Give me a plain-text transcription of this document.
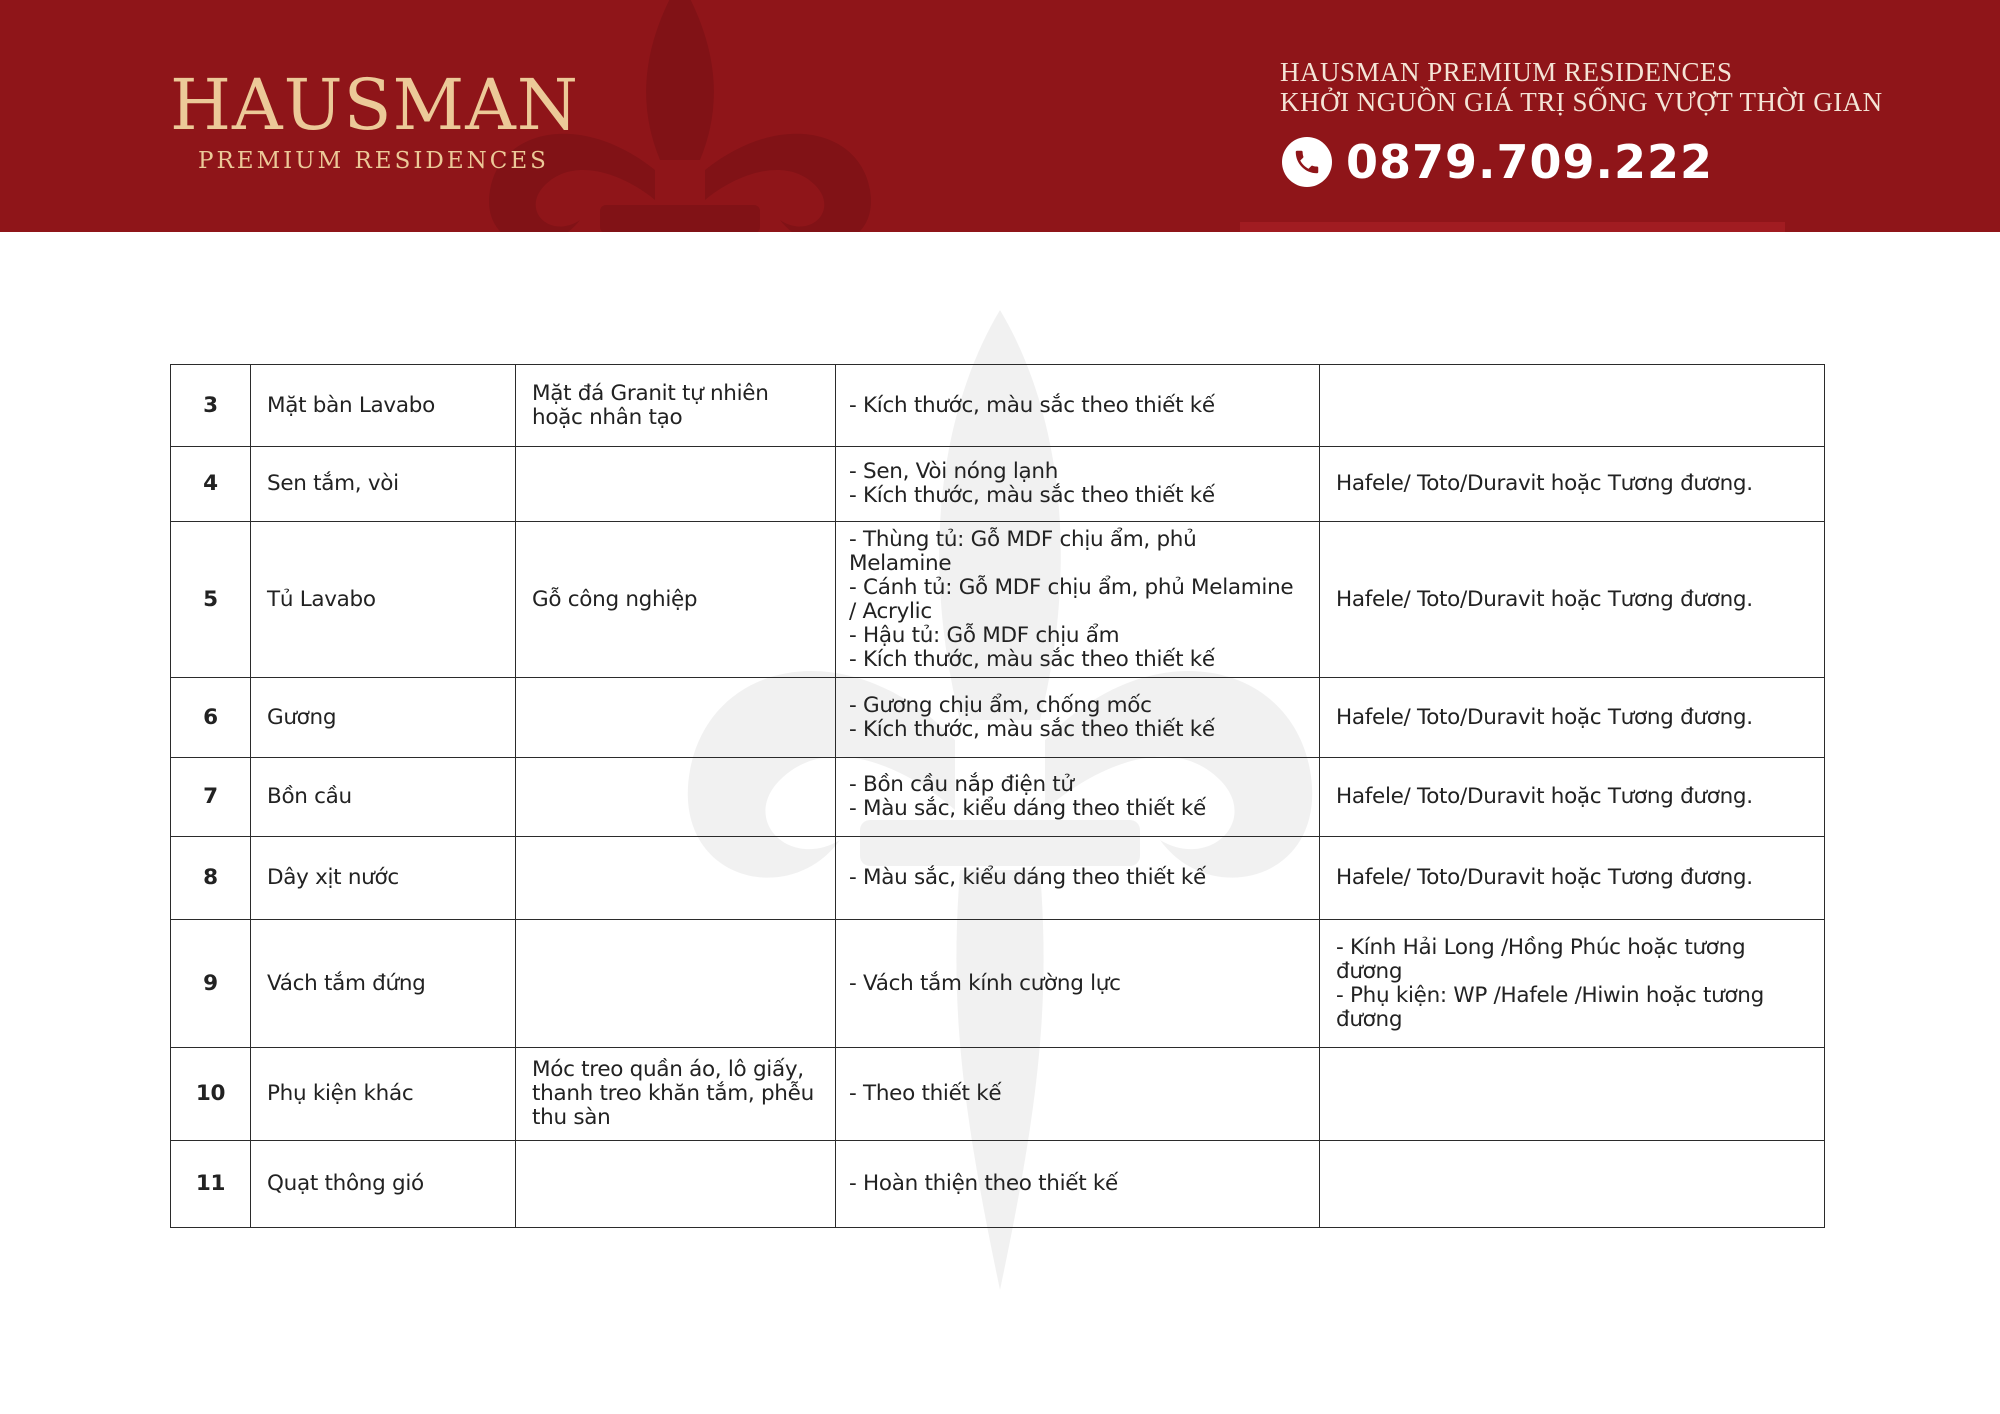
HAUSMAN
PREMIUM RESIDENCES
HAUSMAN PREMIUM RESIDENCES
KHỞI NGUỒN GIÁ TRỊ SỐNG VƯỢT THỜI GIAN
0879.709.222
3	Mặt bàn Lavabo	Mặt đá Granit tự nhiên hoặc nhân tạo	- Kích thước, màu sắc theo thiết kế	

4	Sen tắm, vòi		- Sen, Vòi nóng lạnh
- Kích thước, màu sắc theo thiết kế	Hafele/ Toto/Duravit hoặc Tương đương.

5	Tủ Lavabo	Gỗ công nghiệp	- Thùng tủ: Gỗ MDF chịu ẩm, phủ Melamine
- Cánh tủ: Gỗ MDF chịu ẩm, phủ Melamine / Acrylic
- Hậu tủ: Gỗ MDF chịu ẩm
- Kích thước, màu sắc theo thiết kế	Hafele/ Toto/Duravit hoặc Tương đương.

6	Gương		- Gương chịu ẩm, chống mốc
- Kích thước, màu sắc theo thiết kế	Hafele/ Toto/Duravit hoặc Tương đương.

7	Bồn cầu		- Bồn cầu nắp điện tử
- Màu sắc, kiểu dáng theo thiết kế	Hafele/ Toto/Duravit hoặc Tương đương.

8	Dây xịt nước		- Màu sắc, kiểu dáng theo thiết kế	Hafele/ Toto/Duravit hoặc Tương đương.

9	Vách tắm đứng		- Vách tắm kính cường lực	- Kính Hải Long /Hồng Phúc hoặc tương đương
- Phụ kiện: WP /Hafele /Hiwin hoặc tương đương

10	Phụ kiện khác	Móc treo quần áo, lô giấy, thanh treo khăn tắm, phễu thu sàn	- Theo thiết kế	

11	Quạt thông gió		- Hoàn thiện theo thiết kế	
